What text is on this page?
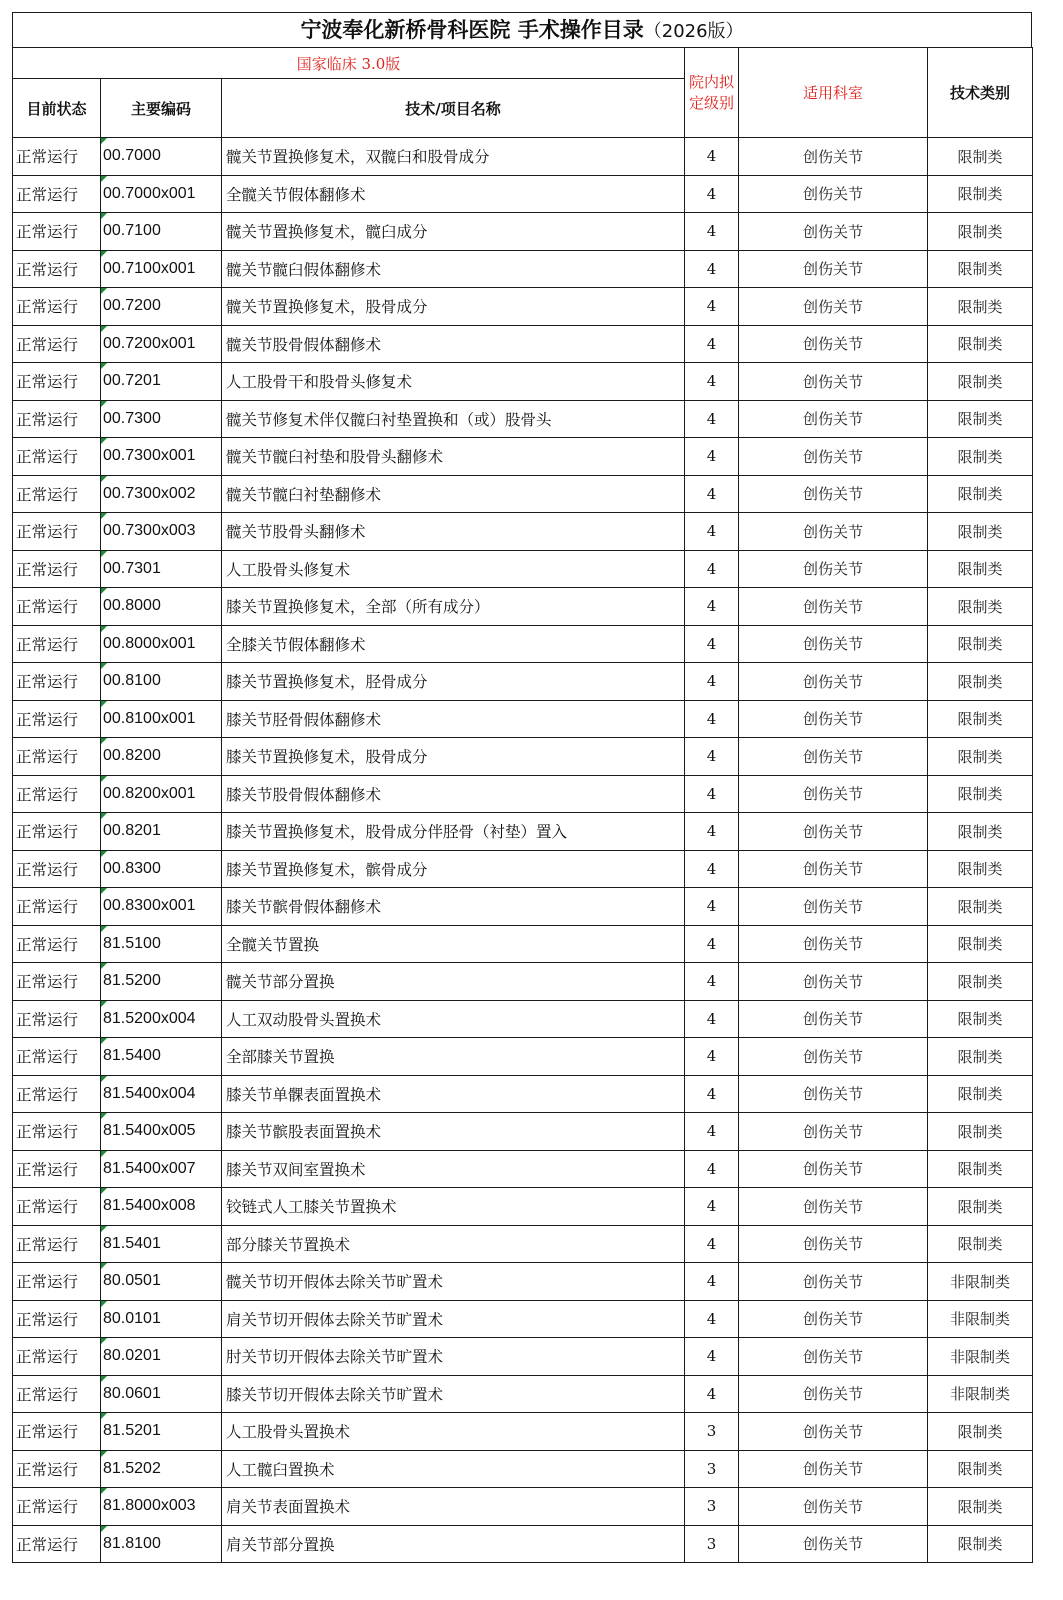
宁波奉化新桥骨科医院 手术操作目录（2026版）
国家临床 3.0版			院内拟定级别	适用科室	技术类别
目前状态	主要编码	技术/项目名称			
正常运行	00.7000	髋关节置换修复术，双髋臼和股骨成分	4	创伤关节	限制类
正常运行	00.7000x001	全髋关节假体翻修术	4	创伤关节	限制类
正常运行	00.7100	髋关节置换修复术，髋臼成分	4	创伤关节	限制类
正常运行	00.7100x001	髋关节髋臼假体翻修术	4	创伤关节	限制类
正常运行	00.7200	髋关节置换修复术，股骨成分	4	创伤关节	限制类
正常运行	00.7200x001	髋关节股骨假体翻修术	4	创伤关节	限制类
正常运行	00.7201	人工股骨干和股骨头修复术	4	创伤关节	限制类
正常运行	00.7300	髋关节修复术伴仅髋臼衬垫置换和（或）股骨头	4	创伤关节	限制类
正常运行	00.7300x001	髋关节髋臼衬垫和股骨头翻修术	4	创伤关节	限制类
正常运行	00.7300x002	髋关节髋臼衬垫翻修术	4	创伤关节	限制类
正常运行	00.7300x003	髋关节股骨头翻修术	4	创伤关节	限制类
正常运行	00.7301	人工股骨头修复术	4	创伤关节	限制类
正常运行	00.8000	膝关节置换修复术，全部（所有成分）	4	创伤关节	限制类
正常运行	00.8000x001	全膝关节假体翻修术	4	创伤关节	限制类
正常运行	00.8100	膝关节置换修复术，胫骨成分	4	创伤关节	限制类
正常运行	00.8100x001	膝关节胫骨假体翻修术	4	创伤关节	限制类
正常运行	00.8200	膝关节置换修复术，股骨成分	4	创伤关节	限制类
正常运行	00.8200x001	膝关节股骨假体翻修术	4	创伤关节	限制类
正常运行	00.8201	膝关节置换修复术，股骨成分伴胫骨（衬垫）置入	4	创伤关节	限制类
正常运行	00.8300	膝关节置换修复术，髌骨成分	4	创伤关节	限制类
正常运行	00.8300x001	膝关节髌骨假体翻修术	4	创伤关节	限制类
正常运行	81.5100	全髋关节置换	4	创伤关节	限制类
正常运行	81.5200	髋关节部分置换	4	创伤关节	限制类
正常运行	81.5200x004	人工双动股骨头置换术	4	创伤关节	限制类
正常运行	81.5400	全部膝关节置换	4	创伤关节	限制类
正常运行	81.5400x004	膝关节单髁表面置换术	4	创伤关节	限制类
正常运行	81.5400x005	膝关节髌股表面置换术	4	创伤关节	限制类
正常运行	81.5400x007	膝关节双间室置换术	4	创伤关节	限制类
正常运行	81.5400x008	铰链式人工膝关节置换术	4	创伤关节	限制类
正常运行	81.5401	部分膝关节置换术	4	创伤关节	限制类
正常运行	80.0501	髋关节切开假体去除关节旷置术	4	创伤关节	非限制类
正常运行	80.0101	肩关节切开假体去除关节旷置术	4	创伤关节	非限制类
正常运行	80.0201	肘关节切开假体去除关节旷置术	4	创伤关节	非限制类
正常运行	80.0601	膝关节切开假体去除关节旷置术	4	创伤关节	非限制类
正常运行	81.5201	人工股骨头置换术	3	创伤关节	限制类
正常运行	81.5202	人工髋臼置换术	3	创伤关节	限制类
正常运行	81.8000x003	肩关节表面置换术	3	创伤关节	限制类
正常运行	81.8100	肩关节部分置换	3	创伤关节	限制类
